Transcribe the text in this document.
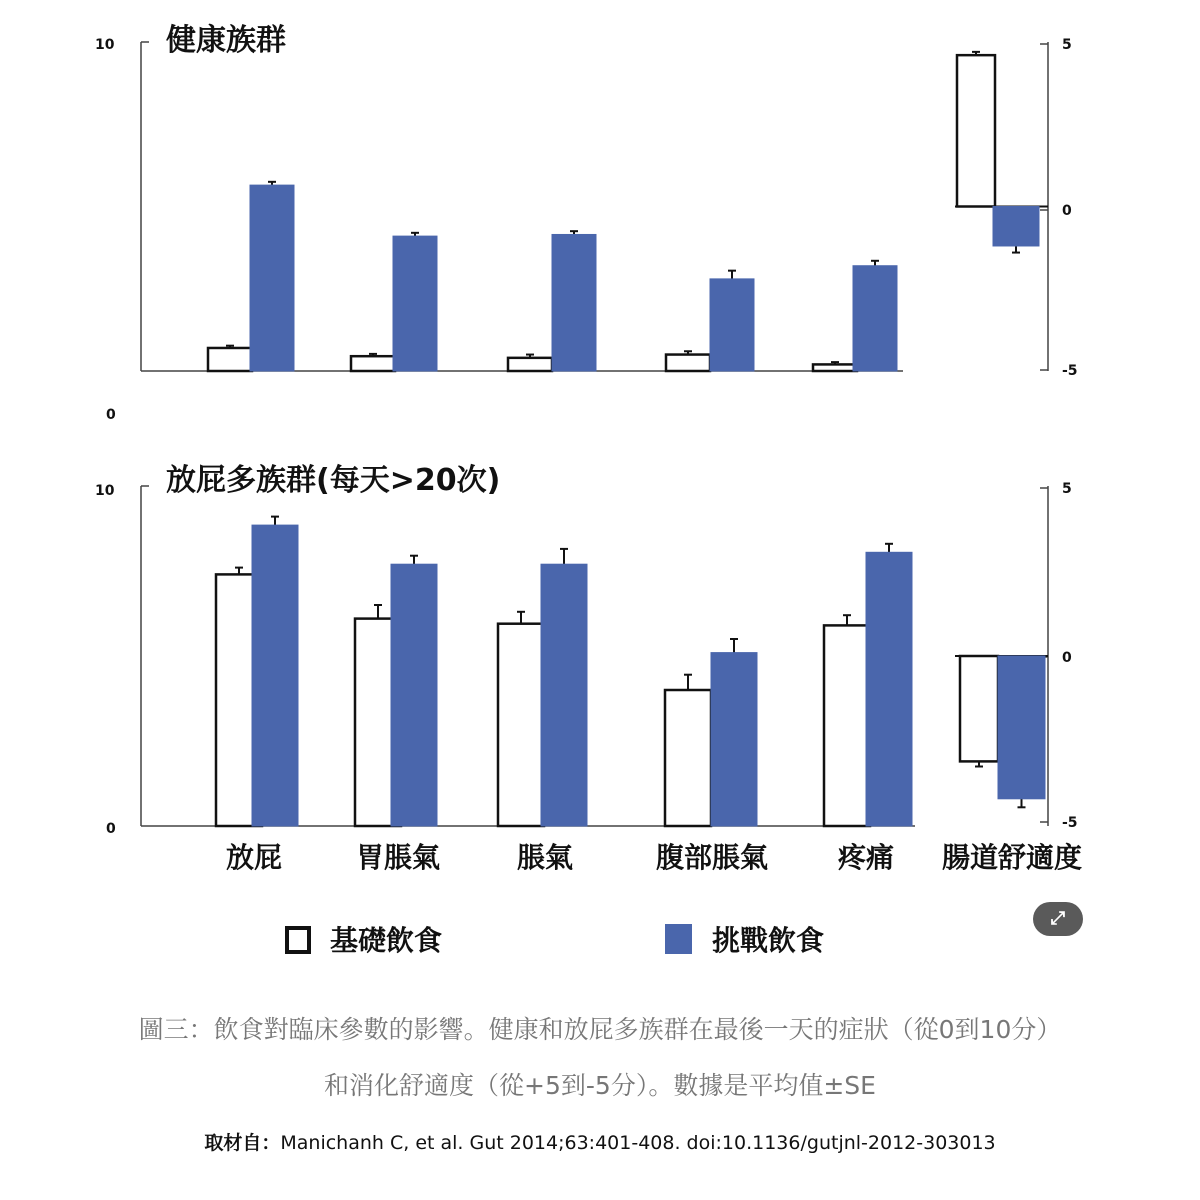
健康族群
10
0
5
0
-5
放屁多族群(每天>20次)
10
0
5
0
-5
放屁	胃脹氣	脹氣	腹部脹氣 疼痛 腸道舒適度
基礎飲食	挑戰飲食
⤢
圖三：飲食對臨床參數的影響。健康和放屁多族群在最後一天的症狀（從0到10分）
和消化舒適度（從+5到-5分）。數據是平均值±SE
取材自：Manichanh C, et al. Gut 2014;63:401-408. doi:10.1136/gutjnl-2012-303013
